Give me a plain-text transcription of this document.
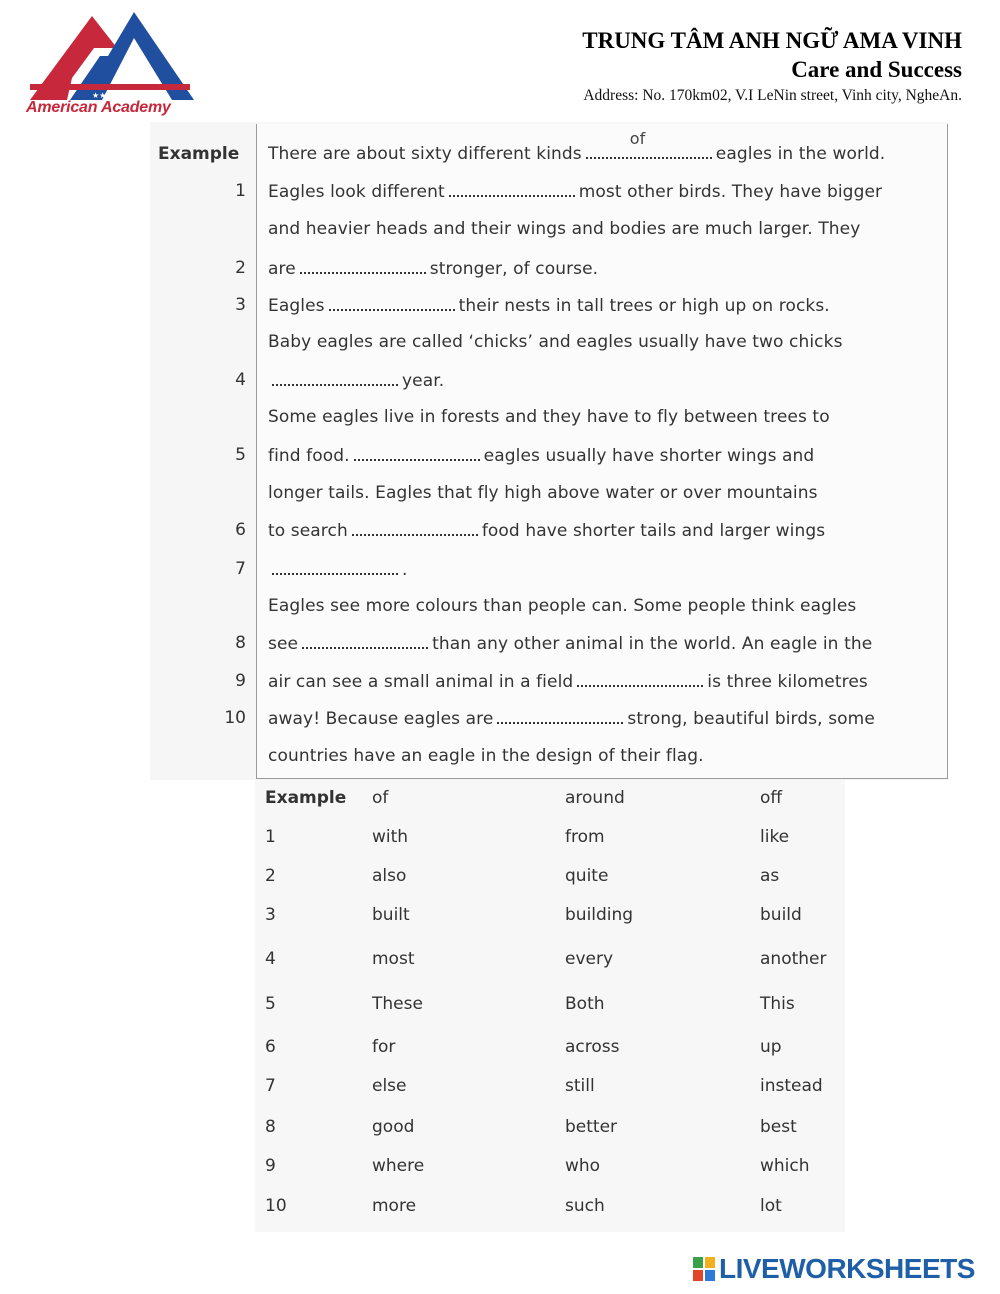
★★★★★
American Academy
TRUNG TÂM ANH NGỮ AMA VINH
Care and Success
Address: No. 170km02, V.I LeNin street, Vinh city, NgheAn.
Example There are about sixty different kinds
of
eagles in the world.
1 Eagles look different	most other birds. They have bigger
and heavier heads and their wings and bodies are much larger. They
2 are	stronger, of course.
3 Eagles	their nests in tall trees or high up on rocks.
Baby eagles are called ‘chicks’ and eagles usually have two chicks
4	year.
Some eagles live in forests and they have to fly between trees to
5 find food.	eagles usually have shorter wings and
longer tails. Eagles that fly high above water or over mountains
6 to search	food have shorter tails and larger wings
7	.
Eagles see more colours than people can. Some people think eagles
8 see	than any other animal in the world. An eagle in the
9 air can see a small animal in a field	is three kilometres
10 away! Because eagles are	strong, beautiful birds, some
countries have an eagle in the design of their flag.
Example of	around	off
1	with	from	like
2	also	quite	as
3	built	building	build
4	most	every	another
5	These	Both	This
6	for	across	up
7	else	still	instead
8	good	better	best
9	where	who	which
10	more	such	lot
LIVEWORKSHEETS
